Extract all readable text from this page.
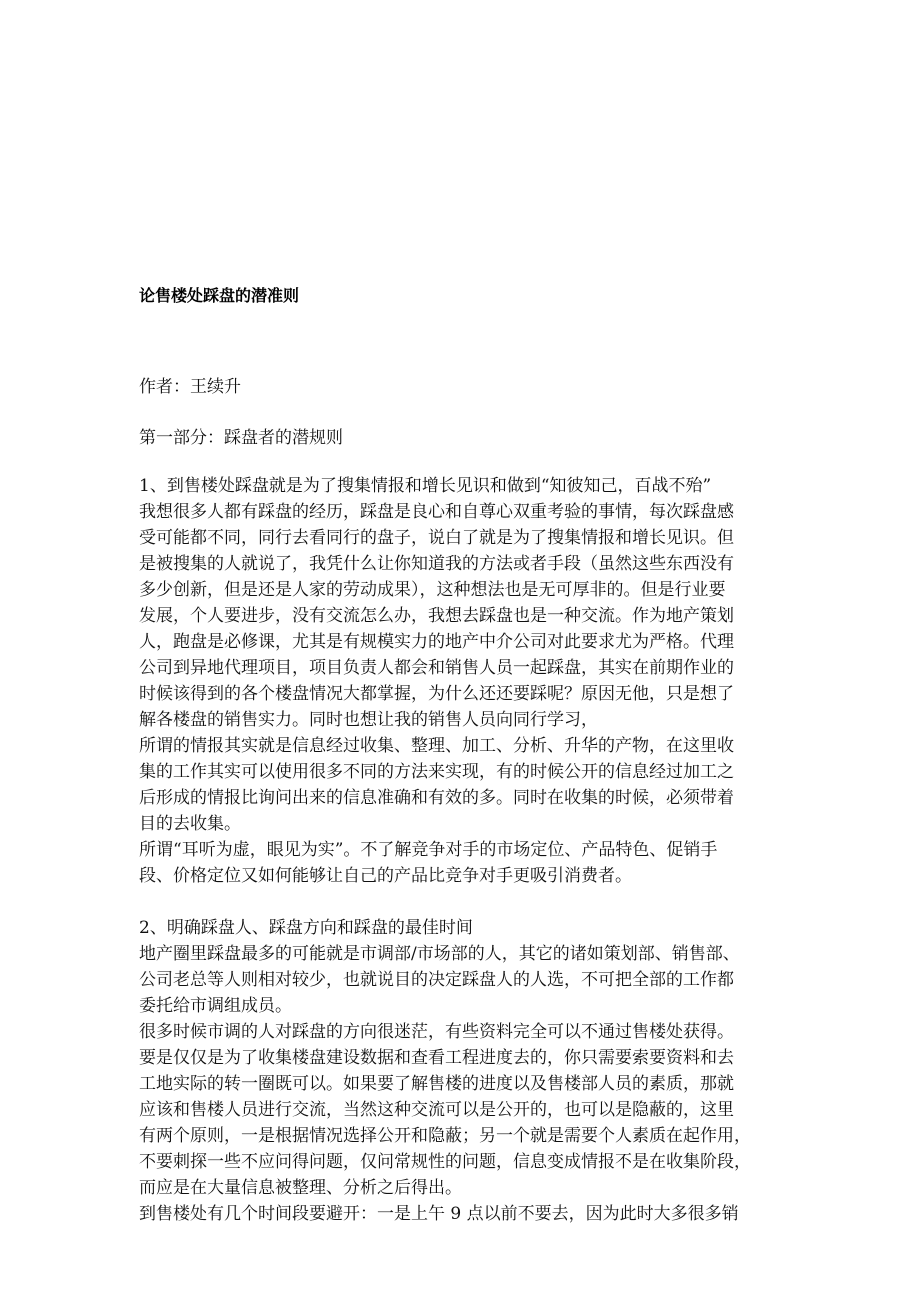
论售楼处踩盘的潜准则
作者：王续升
第一部分：踩盘者的潜规则
1、到售楼处踩盘就是为了搜集情报和增长见识和做到“知彼知己，百战不殆”
我想很多人都有踩盘的经历，踩盘是良心和自尊心双重考验的事情，每次踩盘感
受可能都不同，同行去看同行的盘子，说白了就是为了搜集情报和增长见识。但
是被搜集的人就说了，我凭什么让你知道我的方法或者手段（虽然这些东西没有
多少创新，但是还是人家的劳动成果），这种想法也是无可厚非的。但是行业要
发展，个人要进步，没有交流怎么办，我想去踩盘也是一种交流。作为地产策划
人，跑盘是必修课，尤其是有规模实力的地产中介公司对此要求尤为严格。代理
公司到异地代理项目，项目负责人都会和销售人员一起踩盘，其实在前期作业的
时候该得到的各个楼盘情况大都掌握，为什么还还要踩呢？原因无他，只是想了
解各楼盘的销售实力。同时也想让我的销售人员向同行学习，
所谓的情报其实就是信息经过收集、整理、加工、分析、升华的产物，在这里收
集的工作其实可以使用很多不同的方法来实现，有的时候公开的信息经过加工之
后形成的情报比询问出来的信息准确和有效的多。同时在收集的时候，必须带着
目的去收集。
所谓“耳听为虚，眼见为实”。不了解竞争对手的市场定位、产品特色、促销手
段、价格定位又如何能够让自己的产品比竞争对手更吸引消费者。
2、明确踩盘人、踩盘方向和踩盘的最佳时间
地产圈里踩盘最多的可能就是市调部/市场部的人，其它的诸如策划部、销售部、
公司老总等人则相对较少，也就说目的决定踩盘人的人选，不可把全部的工作都
委托给市调组成员。
很多时候市调的人对踩盘的方向很迷茫，有些资料完全可以不通过售楼处获得。
要是仅仅是为了收集楼盘建设数据和查看工程进度去的，你只需要索要资料和去
工地实际的转一圈既可以。如果要了解售楼的进度以及售楼部人员的素质，那就
应该和售楼人员进行交流，当然这种交流可以是公开的，也可以是隐蔽的，这里
有两个原则，一是根据情况选择公开和隐蔽；另一个就是需要个人素质在起作用，
不要刺探一些不应问得问题，仅问常规性的问题，信息变成情报不是在收集阶段，
而应是在大量信息被整理、分析之后得出。
到售楼处有几个时间段要避开：一是上午 9 点以前不要去，因为此时大多很多销
